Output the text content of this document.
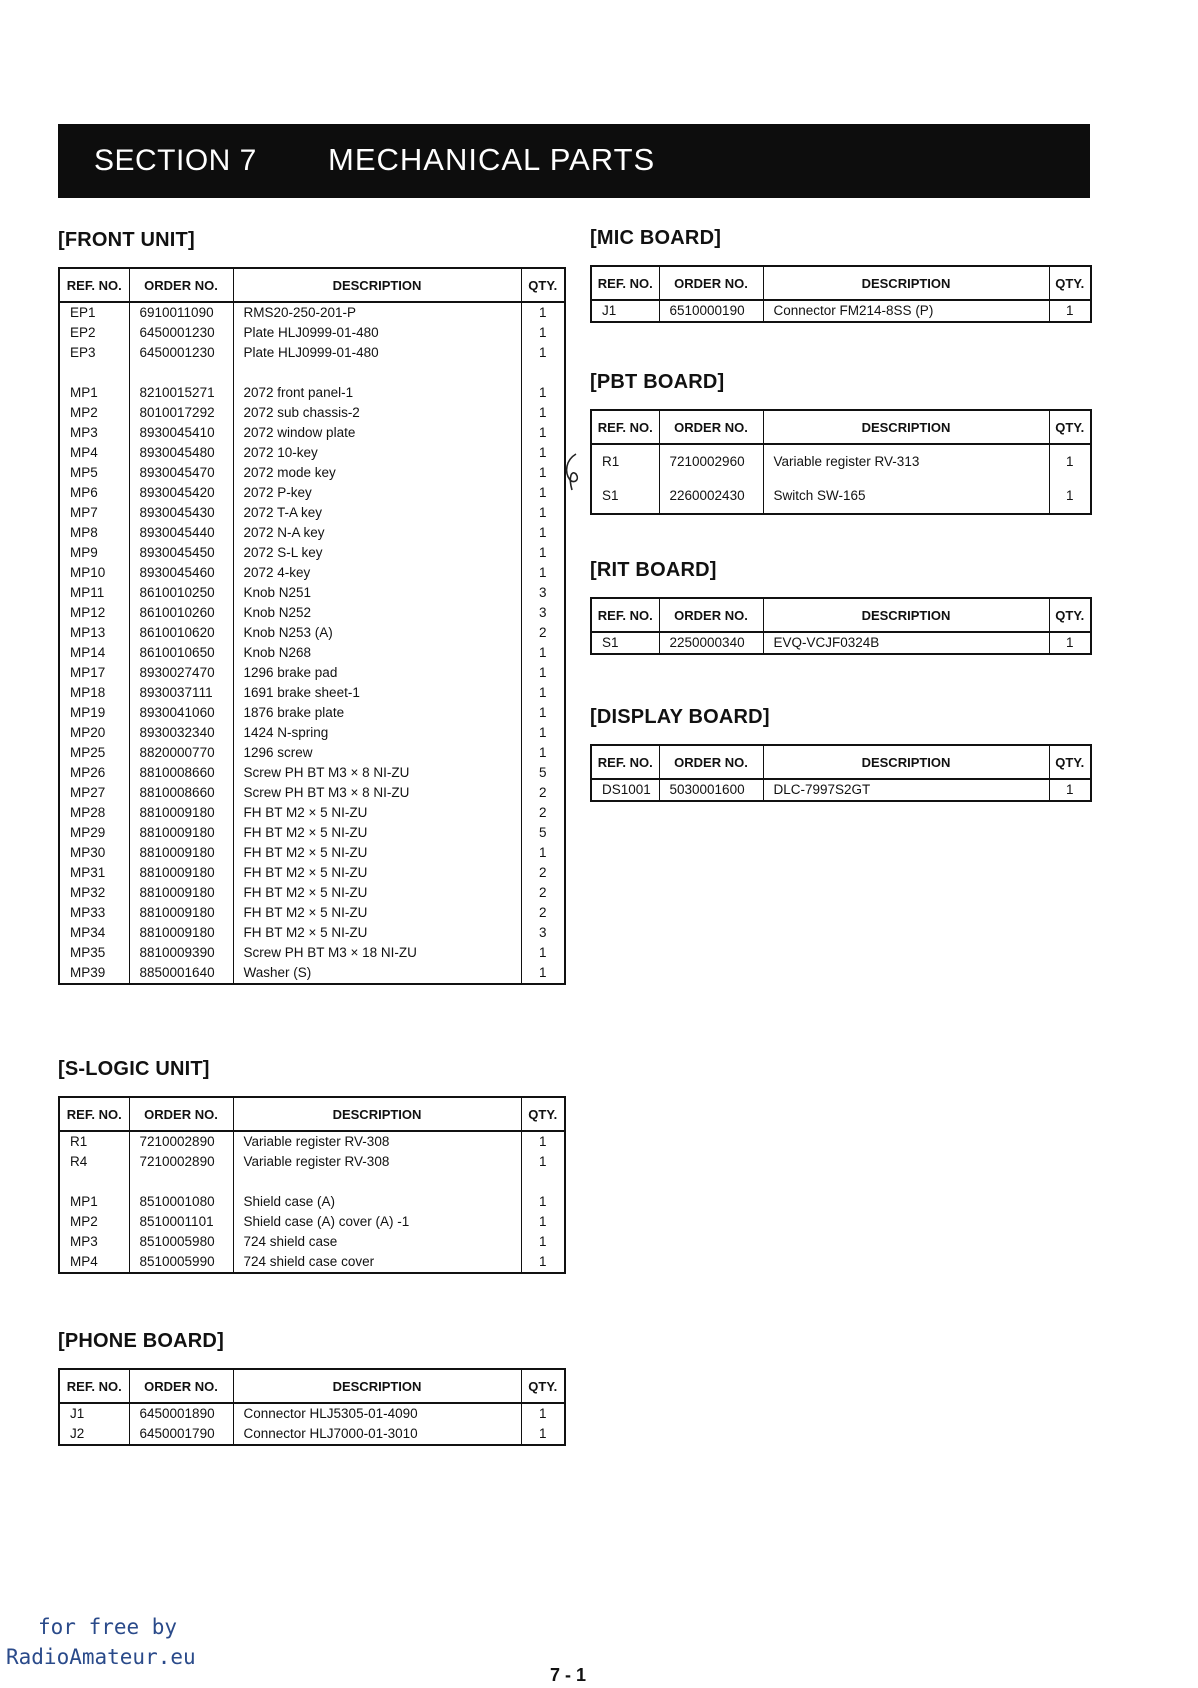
SECTION 7 MECHANICAL PARTS
[FRONT UNIT]
REF. NO.	ORDER NO.	DESCRIPTION	QTY.
EP1	6910011090	RMS20-250-201-P	1
EP2	6450001230	Plate HLJ0999-01-480	1
EP3	6450001230	Plate HLJ0999-01-480	1

MP1	8210015271	2072 front panel-1	1
MP2	8010017292	2072 sub chassis-2	1
MP3	8930045410	2072 window plate	1
MP4	8930045480	2072 10-key	1
MP5	8930045470	2072 mode key	1
MP6	8930045420	2072 P-key	1
MP7	8930045430	2072 T-A key	1
MP8	8930045440	2072 N-A key	1
MP9	8930045450	2072 S-L key	1
MP10	8930045460	2072 4-key	1
MP11	8610010250	Knob N251	3
MP12	8610010260	Knob N252	3
MP13	8610010620	Knob N253 (A)	2
MP14	8610010650	Knob N268	1
MP17	8930027470	1296 brake pad	1
MP18	8930037111	1691 brake sheet-1	1
MP19	8930041060	1876 brake plate	1
MP20	8930032340	1424 N-spring	1
MP25	8820000770	1296 screw	1
MP26	8810008660	Screw PH BT M3 × 8 NI-ZU	5
MP27	8810008660	Screw PH BT M3 × 8 NI-ZU	2
MP28	8810009180	FH BT M2 × 5 NI-ZU	2
MP29	8810009180	FH BT M2 × 5 NI-ZU	5
MP30	8810009180	FH BT M2 × 5 NI-ZU	1
MP31	8810009180	FH BT M2 × 5 NI-ZU	2
MP32	8810009180	FH BT M2 × 5 NI-ZU	2
MP33	8810009180	FH BT M2 × 5 NI-ZU	2
MP34	8810009180	FH BT M2 × 5 NI-ZU	3
MP35	8810009390	Screw PH BT M3 × 18 NI-ZU	1
MP39	8850001640	Washer (S)	1
[S-LOGIC UNIT]
REF. NO.	ORDER NO.	DESCRIPTION	QTY.
R1	7210002890	Variable register RV-308	1
R4	7210002890	Variable register RV-308	1

MP1	8510001080	Shield case (A)	1
MP2	8510001101	Shield case (A) cover (A) -1	1
MP3	8510005980	724 shield case	1
MP4	8510005990	724 shield case cover	1
[PHONE BOARD]
REF. NO.	ORDER NO.	DESCRIPTION	QTY.
J1	6450001890	Connector HLJ5305-01-4090	1
J2	6450001790	Connector HLJ7000-01-3010	1
[MIC BOARD]
REF. NO.	ORDER NO.	DESCRIPTION	QTY.
J1	6510000190	Connector FM214-8SS (P)	1
[PBT BOARD]
REF. NO.	ORDER NO.	DESCRIPTION	QTY.
R1	7210002960	Variable register RV-313	1
S1	2260002430	Switch SW-165	1
[RIT BOARD]
REF. NO.	ORDER NO.	DESCRIPTION	QTY.
S1	2250000340	EVQ-VCJF0324B	1
[DISPLAY BOARD]
REF. NO.	ORDER NO.	DESCRIPTION	QTY.
DS1001	5030001600	DLC-7997S2GT	1
for free by
RadioAmateur.eu
7 - 1
